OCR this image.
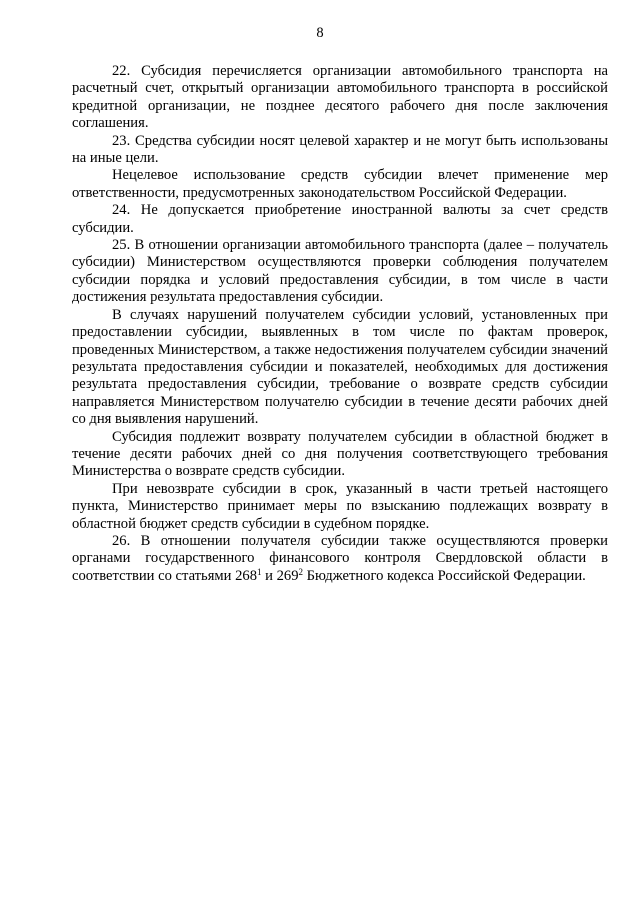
8

22. Субсидия перечисляется организации автомобильного транспорта на расчетный счет, открытый организации автомобильного транспорта в российской кредитной организации, не позднее десятого рабочего дня после заключения соглашения.

23. Средства субсидии носят целевой характер и не могут быть использованы на иные цели.

Нецелевое использование средств субсидии влечет применение мер ответственности, предусмотренных законодательством Российской Федерации.

24. Не допускается приобретение иностранной валюты за счет средств субсидии.

25. В отношении организации автомобильного транспорта (далее – получатель субсидии) Министерством осуществляются проверки соблюдения получателем субсидии порядка и условий предоставления субсидии, в том числе в части достижения результата предоставления субсидии.

В случаях нарушений получателем субсидии условий, установленных при предоставлении субсидии, выявленных в том числе по фактам проверок, проведенных Министерством, а также недостижения получателем субсидии значений результата предоставления субсидии и показателей, необходимых для достижения результата предоставления субсидии, требование о возврате средств субсидии направляется Министерством получателю субсидии в течение десяти рабочих дней со дня выявления нарушений.

Субсидия подлежит возврату получателем субсидии в областной бюджет в течение десяти рабочих дней со дня получения соответствующего требования Министерства о возврате средств субсидии.

При невозврате субсидии в срок, указанный в части третьей настоящего пункта, Министерство принимает меры по взысканию подлежащих возврату в областной бюджет средств субсидии в судебном порядке.

26. В отношении получателя субсидии также осуществляются проверки органами государственного финансового контроля Свердловской области в соответствии со статьями $268^1$ и $269^2$ Бюджетного кодекса Российской Федерации.
